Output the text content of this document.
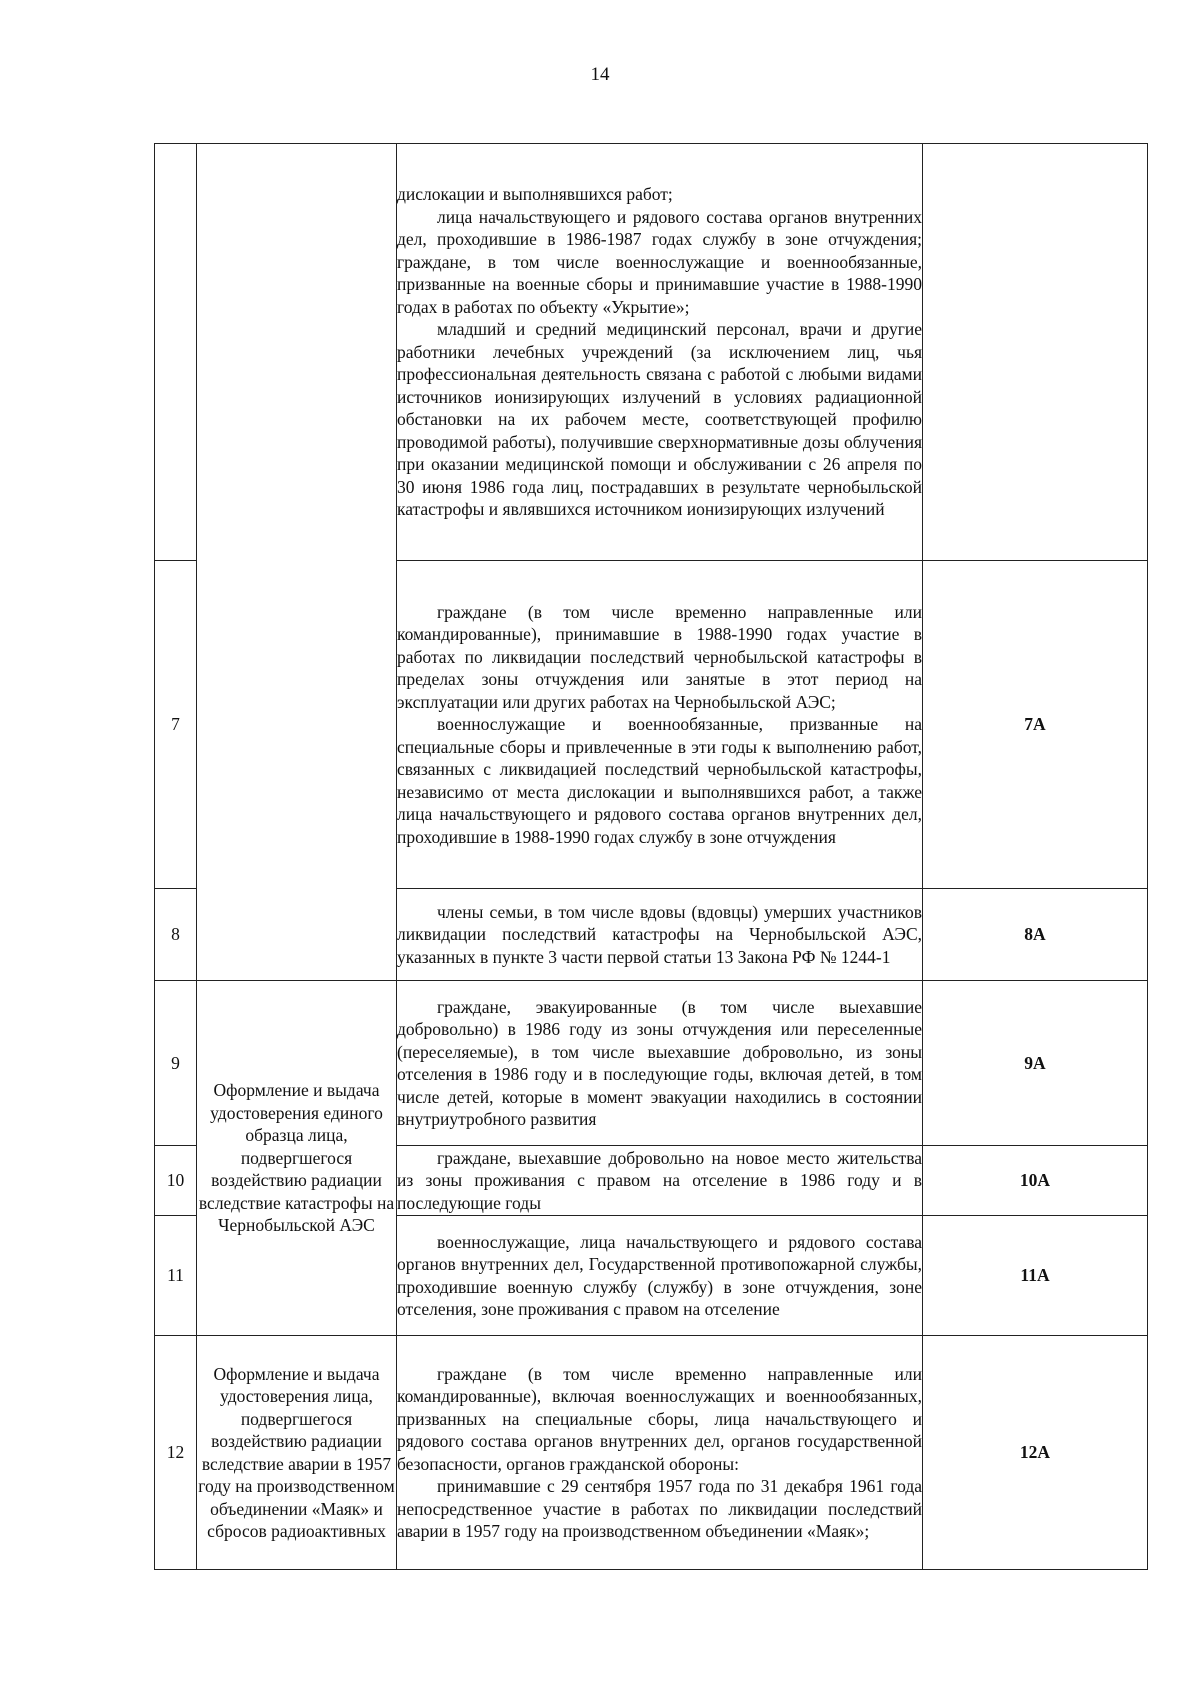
14

		дислокации и выполнявшихся работ;

лица начальствующего и рядового состава органов внутренних дел, проходившие в 1986-1987 годах службу в зоне отчуждения; граждане, в том числе военнослужащие и военнообязанные, призванные на военные сборы и принимавшие участие в 1988-1990 годах в работах по объекту «Укрытие»;

младший и средний медицинский персонал, врачи и другие работники лечебных учреждений (за исключением лиц, чья профессиональная деятельность связана с работой с любыми видами источников ионизирующих излучений в условиях радиационной обстановки на их рабочем месте, соответствующей профилю проводимой работы), получившие сверхнормативные дозы облучения при оказании медицинской помощи и обслуживании с 26 апреля по 30 июня 1986 года лиц, пострадавших в результате чернобыльской катастрофы и являвшихся источником ионизирующих излучений	

7		граждане (в том числе временно направленные или командированные), принимавшие в 1988-1990 годах участие в работах по ликвидации последствий чернобыльской катастрофы в пределах зоны отчуждения или занятые в этот период на эксплуатации или других работах на Чернобыльской АЭС;

военнослужащие и военнообязанные, призванные на специальные сборы и привлеченные в эти годы к выполнению работ, связанных с ликвидацией последствий чернобыльской катастрофы, независимо от места дислокации и выполнявшихся работ, а также лица начальствующего и рядового состава органов внутренних дел, проходившие в 1988-1990 годах службу в зоне отчуждения	7А
8		члены семьи, в том числе вдовы (вдовцы) умерших участников ликвидации последствий катастрофы на Чернобыльской АЭС, указанных в пункте 3 части первой статьи 13 Закона РФ № 1244-1	8А
9	Оформление и выдача удостоверения единого образца лица, подвергшегося воздействию радиации вследствие катастрофы на Чернобыльской АЭС	граждане, эвакуированные (в том числе выехавшие добровольно) в 1986 году из зоны отчуждения или переселенные (переселяемые), в том числе выехавшие добровольно, из зоны отселения в 1986 году и в последующие годы, включая детей, в том числе детей, которые в момент эвакуации находились в состоянии внутриутробного развития	9А
10		граждане, выехавшие добровольно на новое место жительства из зоны проживания с правом на отселение в 1986 году и в последующие годы	10А
11		военнослужащие, лица начальствующего и рядового состава органов внутренних дел, Государственной противопожарной службы, проходившие военную службу (службу) в зоне отчуждения, зоне отселения, зоне проживания с правом на отселение	11А
12	Оформление и выдача удостоверения лица, подвергшегося воздействию радиации вследствие аварии в 1957 году на производственном объединении «Маяк» и сбросов радиоактивных	граждане (в том числе временно направленные или командированные), включая военнослужащих и военнообязанных, призванных на специальные сборы, лица начальствующего и рядового состава органов внутренних дел, органов государственной безопасности, органов гражданской обороны:

принимавшие с 29 сентября 1957 года по 31 декабря 1961 года непосредственное участие в работах по ликвидации последствий аварии в 1957 году на производственном объединении «Маяк»;	12А
